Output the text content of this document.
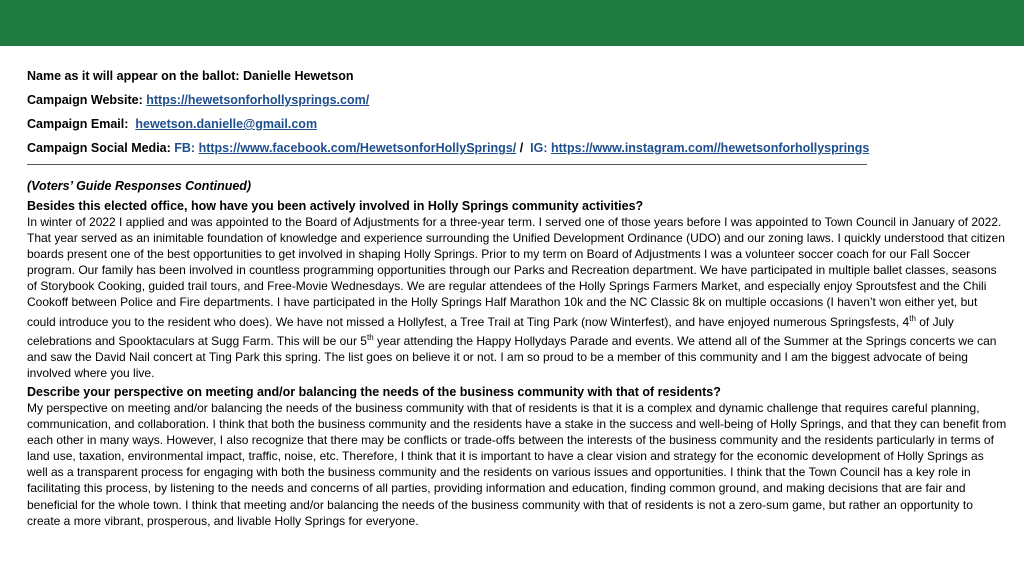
Name as it will appear on the ballot: Danielle Hewetson
Campaign Website: https://hewetsonforhollysprings.com/
Campaign Email: hewetson.danielle@gmail.com
Campaign Social Media: FB: https://www.facebook.com/HewetsonforHollySprings/ / IG: https://www.instagram.com//hewetsonforhollysprings
(Voters’ Guide Responses Continued)
Besides this elected office, how have you been actively involved in Holly Springs community activities?
In winter of 2022 I applied and was appointed to the Board of Adjustments for a three-year term. I served one of those years before I was appointed to Town Council in January of 2022. That year served as an inimitable foundation of knowledge and experience surrounding the Unified Development Ordinance (UDO) and our zoning laws. I quickly understood that citizen boards present one of the best opportunities to get involved in shaping Holly Springs. Prior to my term on Board of Adjustments I was a volunteer soccer coach for our Fall Soccer program. Our family has been involved in countless programming opportunities through our Parks and Recreation department. We have participated in multiple ballet classes, seasons of Storybook Cooking, guided trail tours, and Free-Movie Wednesdays. We are regular attendees of the Holly Springs Farmers Market, and especially enjoy Sproutsfest and the Chili Cookoff between Police and Fire departments. I have participated in the Holly Springs Half Marathon 10k and the NC Classic 8k on multiple occasions (I haven’t won either yet, but could introduce you to the resident who does). We have not missed a Hollyfest, a Tree Trail at Ting Park (now Winterfest), and have enjoyed numerous Springsfests, 4th of July celebrations and Spooktaculars at Sugg Farm. This will be our 5th year attending the Happy Hollydays Parade and events. We attend all of the Summer at the Springs concerts we can and saw the David Nail concert at Ting Park this spring. The list goes on believe it or not. I am so proud to be a member of this community and I am the biggest advocate of being involved where you live.
Describe your perspective on meeting and/or balancing the needs of the business community with that of residents?
My perspective on meeting and/or balancing the needs of the business community with that of residents is that it is a complex and dynamic challenge that requires careful planning, communication, and collaboration. I think that both the business community and the residents have a stake in the success and well-being of Holly Springs, and that they can benefit from each other in many ways. However, I also recognize that there may be conflicts or trade-offs between the interests of the business community and the residents particularly in terms of land use, taxation, environmental impact, traffic, noise, etc. Therefore, I think that it is important to have a clear vision and strategy for the economic development of Holly Springs as well as a transparent process for engaging with both the business community and the residents on various issues and opportunities. I think that the Town Council has a key role in facilitating this process, by listening to the needs and concerns of all parties, providing information and education, finding common ground, and making decisions that are fair and beneficial for the whole town. I think that meeting and/or balancing the needs of the business community with that of residents is not a zero-sum game, but rather an opportunity to create a more vibrant, prosperous, and livable Holly Springs for everyone.
